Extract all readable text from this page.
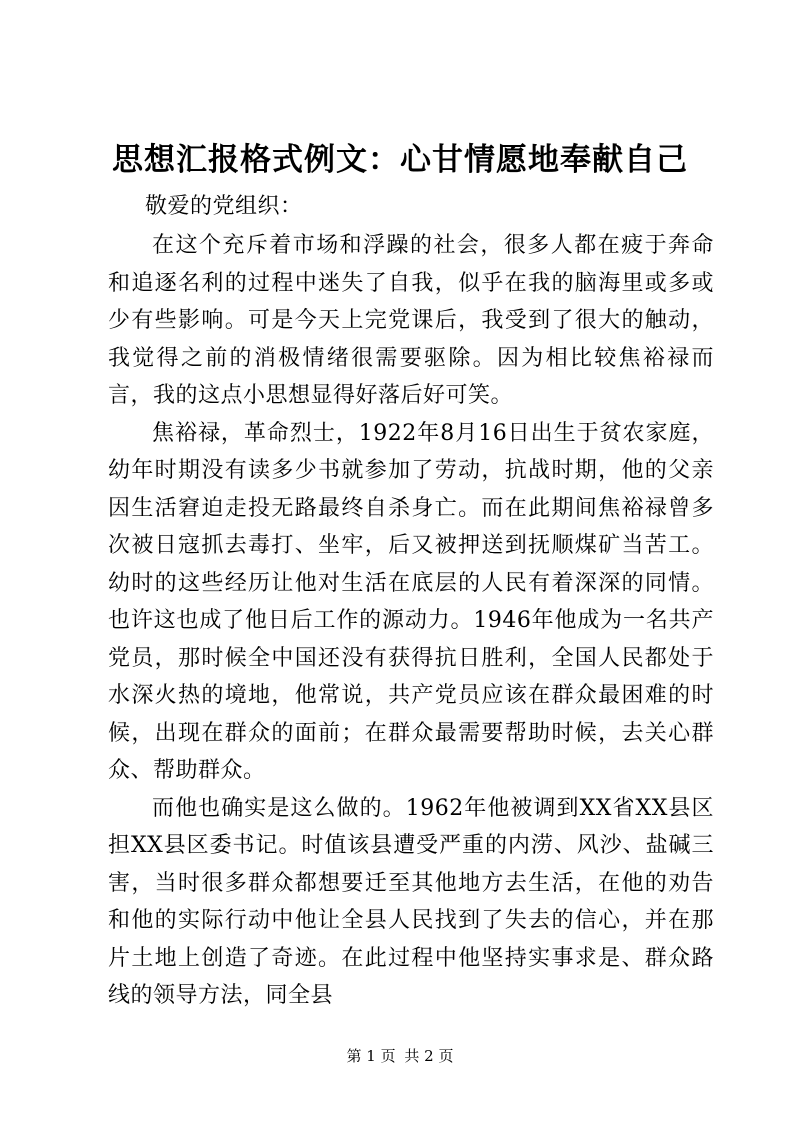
思想汇报格式例文：心甘情愿地奉献自己

敬爱的党组织：

在这个充斥着市场和浮躁的社会，很多人都在疲于奔命和追逐名利的过程中迷失了自我，似乎在我的脑海里或多或少有些影响。可是今天上完党课后，我受到了很大的触动，我觉得之前的消极情绪很需要驱除。因为相比较焦裕禄而言，我的这点小思想显得好落后好可笑。

焦裕禄，革命烈士，1922年8月16日出生于贫农家庭，幼年时期没有读多少书就参加了劳动，抗战时期，他的父亲因生活窘迫走投无路最终自杀身亡。而在此期间焦裕禄曾多次被日寇抓去毒打、坐牢，后又被押送到抚顺煤矿当苦工。幼时的这些经历让他对生活在底层的人民有着深深的同情。也许这也成了他日后工作的源动力。1946年他成为一名共产党员，那时候全中国还没有获得抗日胜利，全国人民都处于水深火热的境地，他常说，共产党员应该在群众最困难的时候，出现在群众的面前；在群众最需要帮助时候，去关心群众、帮助群众。

而他也确实是这么做的。1962年他被调到XX省XX县区担XX县区委书记。时值该县遭受严重的内涝、风沙、盐碱三害，当时很多群众都想要迁至其他地方去生活，在他的劝告和他的实际行动中他让全县人民找到了失去的信心，并在那片土地上创造了奇迹。在此过程中他坚持实事求是、群众路线的领导方法，同全县

第 1 页 共 2 页
